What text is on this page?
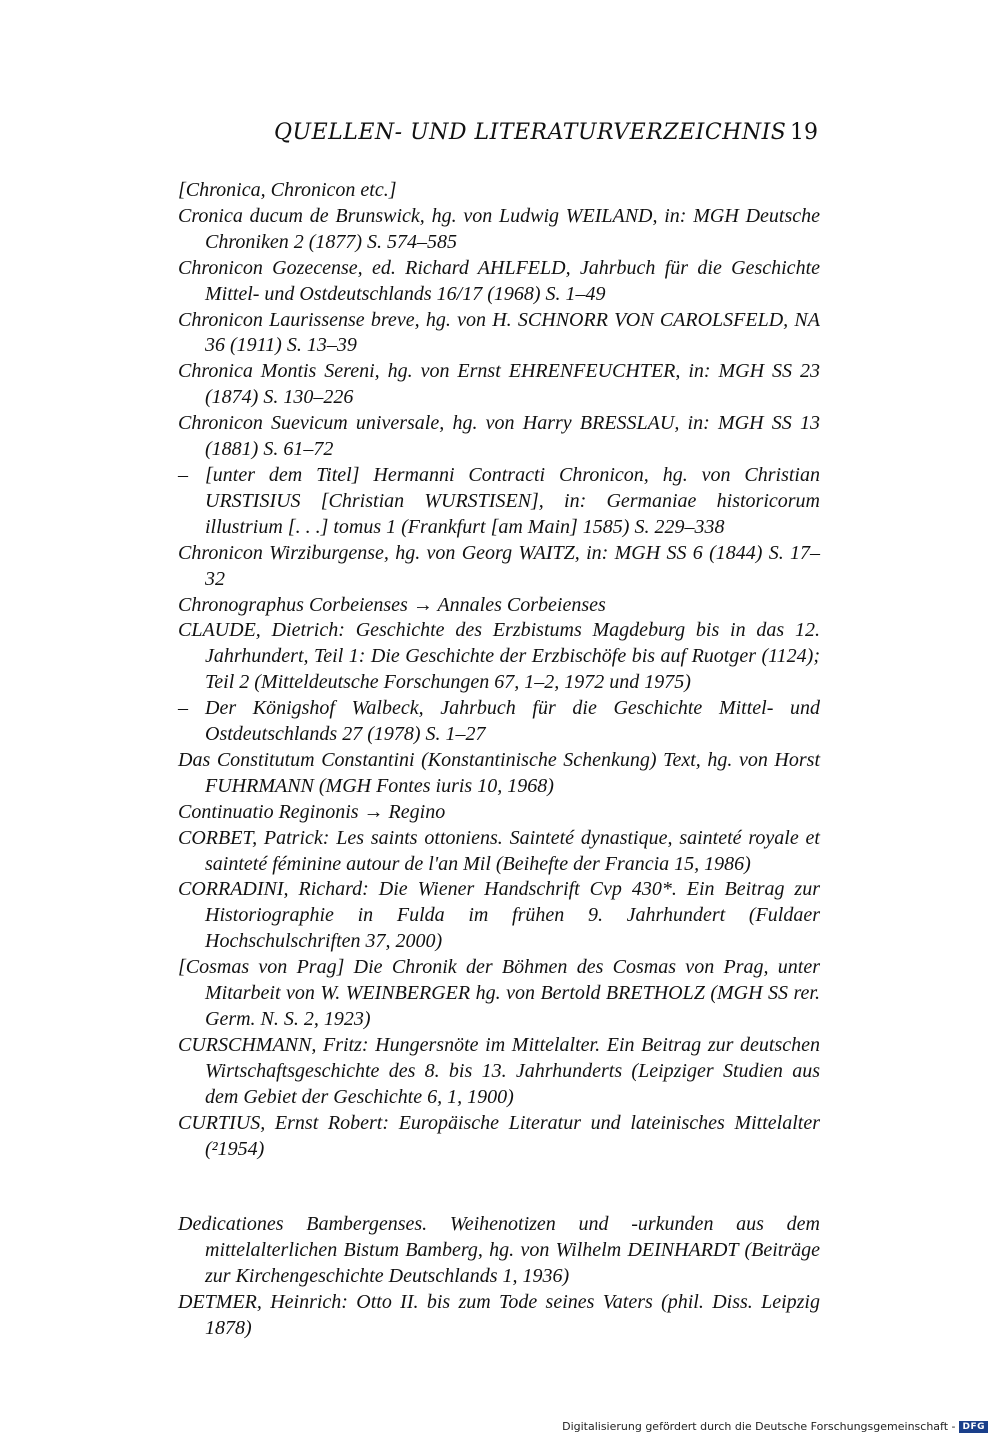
QUELLEN- UND LITERATURVERZEICHNIS 19

[Chronica, Chronicon etc.]

Cronica ducum de Brunswick, hg. von Ludwig WEILAND, in: MGH Deutsche Chroniken 2 (1877) S. 574–585

Chronicon Gozecense, ed. Richard AHLFELD, Jahrbuch für die Geschichte Mittel- und Ostdeutschlands 16/17 (1968) S. 1–49

Chronicon Laurissense breve, hg. von H. SCHNORR VON CAROLSFELD, NA 36 (1911) S. 13–39

Chronica Montis Sereni, hg. von Ernst EHRENFEUCHTER, in: MGH SS 23 (1874) S. 130–226

Chronicon Suevicum universale, hg. von Harry BRESSLAU, in: MGH SS 13 (1881) S. 61–72

– [unter dem Titel] Hermanni Contracti Chronicon, hg. von Christian URSTISIUS [Christian WURSTISEN], in: Germaniae historicorum illustrium [. . .] tomus 1 (Frankfurt [am Main] 1585) S. 229–338

Chronicon Wirziburgense, hg. von Georg WAITZ, in: MGH SS 6 (1844) S. 17–32

Chronographus Corbeienses → Annales Corbeienses

CLAUDE, Dietrich: Geschichte des Erzbistums Magdeburg bis in das 12. Jahrhundert, Teil 1: Die Geschichte der Erzbischöfe bis auf Ruotger (1124); Teil 2 (Mitteldeutsche Forschungen 67, 1–2, 1972 und 1975)

– Der Königshof Walbeck, Jahrbuch für die Geschichte Mittel- und Ostdeutschlands 27 (1978) S. 1–27

Das Constitutum Constantini (Konstantinische Schenkung) Text, hg. von Horst FUHRMANN (MGH Fontes iuris 10, 1968)

Continuatio Reginonis → Regino

CORBET, Patrick: Les saints ottoniens. Sainteté dynastique, sainteté royale et sainteté féminine autour de l'an Mil (Beihefte der Francia 15, 1986)

CORRADINI, Richard: Die Wiener Handschrift Cvp 430*. Ein Beitrag zur Historiographie in Fulda im frühen 9. Jahrhundert (Fuldaer Hochschulschriften 37, 2000)

[Cosmas von Prag] Die Chronik der Böhmen des Cosmas von Prag, unter Mitarbeit von W. WEINBERGER hg. von Bertold BRETHOLZ (MGH SS rer. Germ. N. S. 2, 1923)

CURSCHMANN, Fritz: Hungersnöte im Mittelalter. Ein Beitrag zur deutschen Wirtschaftsgeschichte des 8. bis 13. Jahrhunderts (Leipziger Studien aus dem Gebiet der Geschichte 6, 1, 1900)

CURTIUS, Ernst Robert: Europäische Literatur und lateinisches Mittelalter (²1954)

Dedicationes Bambergenses. Weihenotizen und -urkunden aus dem mittelalterlichen Bistum Bamberg, hg. von Wilhelm DEINHARDT (Beiträge zur Kirchengeschichte Deutschlands 1, 1936)

DETMER, Heinrich: Otto II. bis zum Tode seines Vaters (phil. Diss. Leipzig 1878)

Digitalisierung gefördert durch die Deutsche Forschungsgemeinschaft - DFG
